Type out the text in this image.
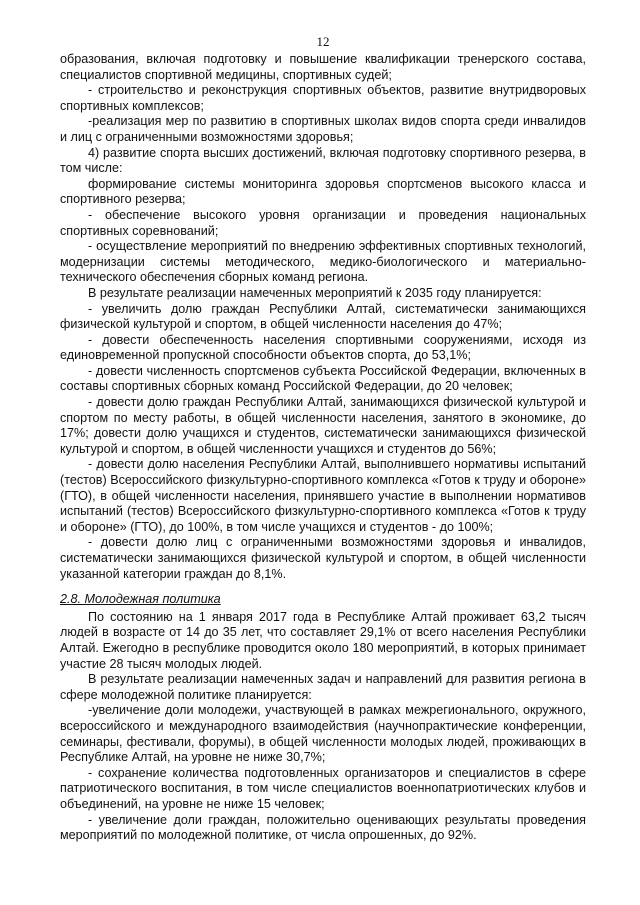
12

образования, включая подготовку и повышение квалификации тренерского состава, специалистов спортивной медицины, спортивных судей;

- строительство и реконструкция спортивных объектов, развитие внутридворовых спортивных комплексов;

-реализация мер по развитию в спортивных школах видов спорта среди инвалидов и лиц с ограниченными возможностями здоровья;

4) развитие спорта высших достижений, включая подготовку спортивного резерва, в том числе:

формирование системы мониторинга здоровья спортсменов высокого класса и спортивного резерва;

- обеспечение высокого уровня организации и проведения национальных спортивных соревнований;

- осуществление мероприятий по внедрению эффективных спортивных технологий, модернизации системы методического, медико-биологического и материально-технического обеспечения сборных команд региона.

В результате реализации намеченных мероприятий к 2035 году планируется:

- увеличить долю граждан Республики Алтай, систематически занимающихся физической культурой и спортом, в общей численности населения до 47%;

- довести обеспеченность населения спортивными сооружениями, исходя из единовременной пропускной способности объектов спорта, до 53,1%;

- довести численность спортсменов субъекта Российской Федерации, включенных в составы спортивных сборных команд Российской Федерации, до 20 человек;

- довести долю граждан Республики Алтай, занимающихся физической культурой и спортом по месту работы, в общей численности населения, занятого в экономике, до 17%; довести долю учащихся и студентов, систематически занимающихся физической культурой и спортом, в общей численности учащихся и студентов до 56%;

- довести долю населения Республики Алтай, выполнившего нормативы испытаний (тестов) Всероссийского физкультурно-спортивного комплекса «Готов к труду и обороне» (ГТО), в общей численности населения, принявшего участие в выполнении нормативов испытаний (тестов) Всероссийского физкультурно-спортивного комплекса «Готов к труду и обороне» (ГТО), до 100%, в том числе учащихся и студентов - до 100%;

- довести долю лиц с ограниченными возможностями здоровья и инвалидов, систематически занимающихся физической культурой и спортом, в общей численности указанной категории граждан до 8,1%.

2.8. Молодежная политика

По состоянию на 1 января 2017 года в Республике Алтай проживает 63,2 тысяч людей в возрасте от 14 до 35 лет, что составляет 29,1% от всего населения Республики Алтай. Ежегодно в республике проводится около 180 мероприятий, в которых принимает участие 28 тысяч молодых людей.

В результате реализации намеченных задач и направлений для развития региона в сфере молодежной политике планируется:

-увеличение доли молодежи, участвующей в рамках межрегионального, окружного, всероссийского и международного взаимодействия (научнопрактические конференции, семинары, фестивали, форумы), в общей численности молодых людей, проживающих в Республике Алтай, на уровне не ниже 30,7%;

- сохранение количества подготовленных организаторов и специалистов в сфере патриотического воспитания, в том числе специалистов военнопатриотических клубов и объединений, на уровне не ниже 15 человек;

- увеличение доли граждан, положительно оценивающих результаты проведения мероприятий по молодежной политике, от числа опрошенных, до 92%.
